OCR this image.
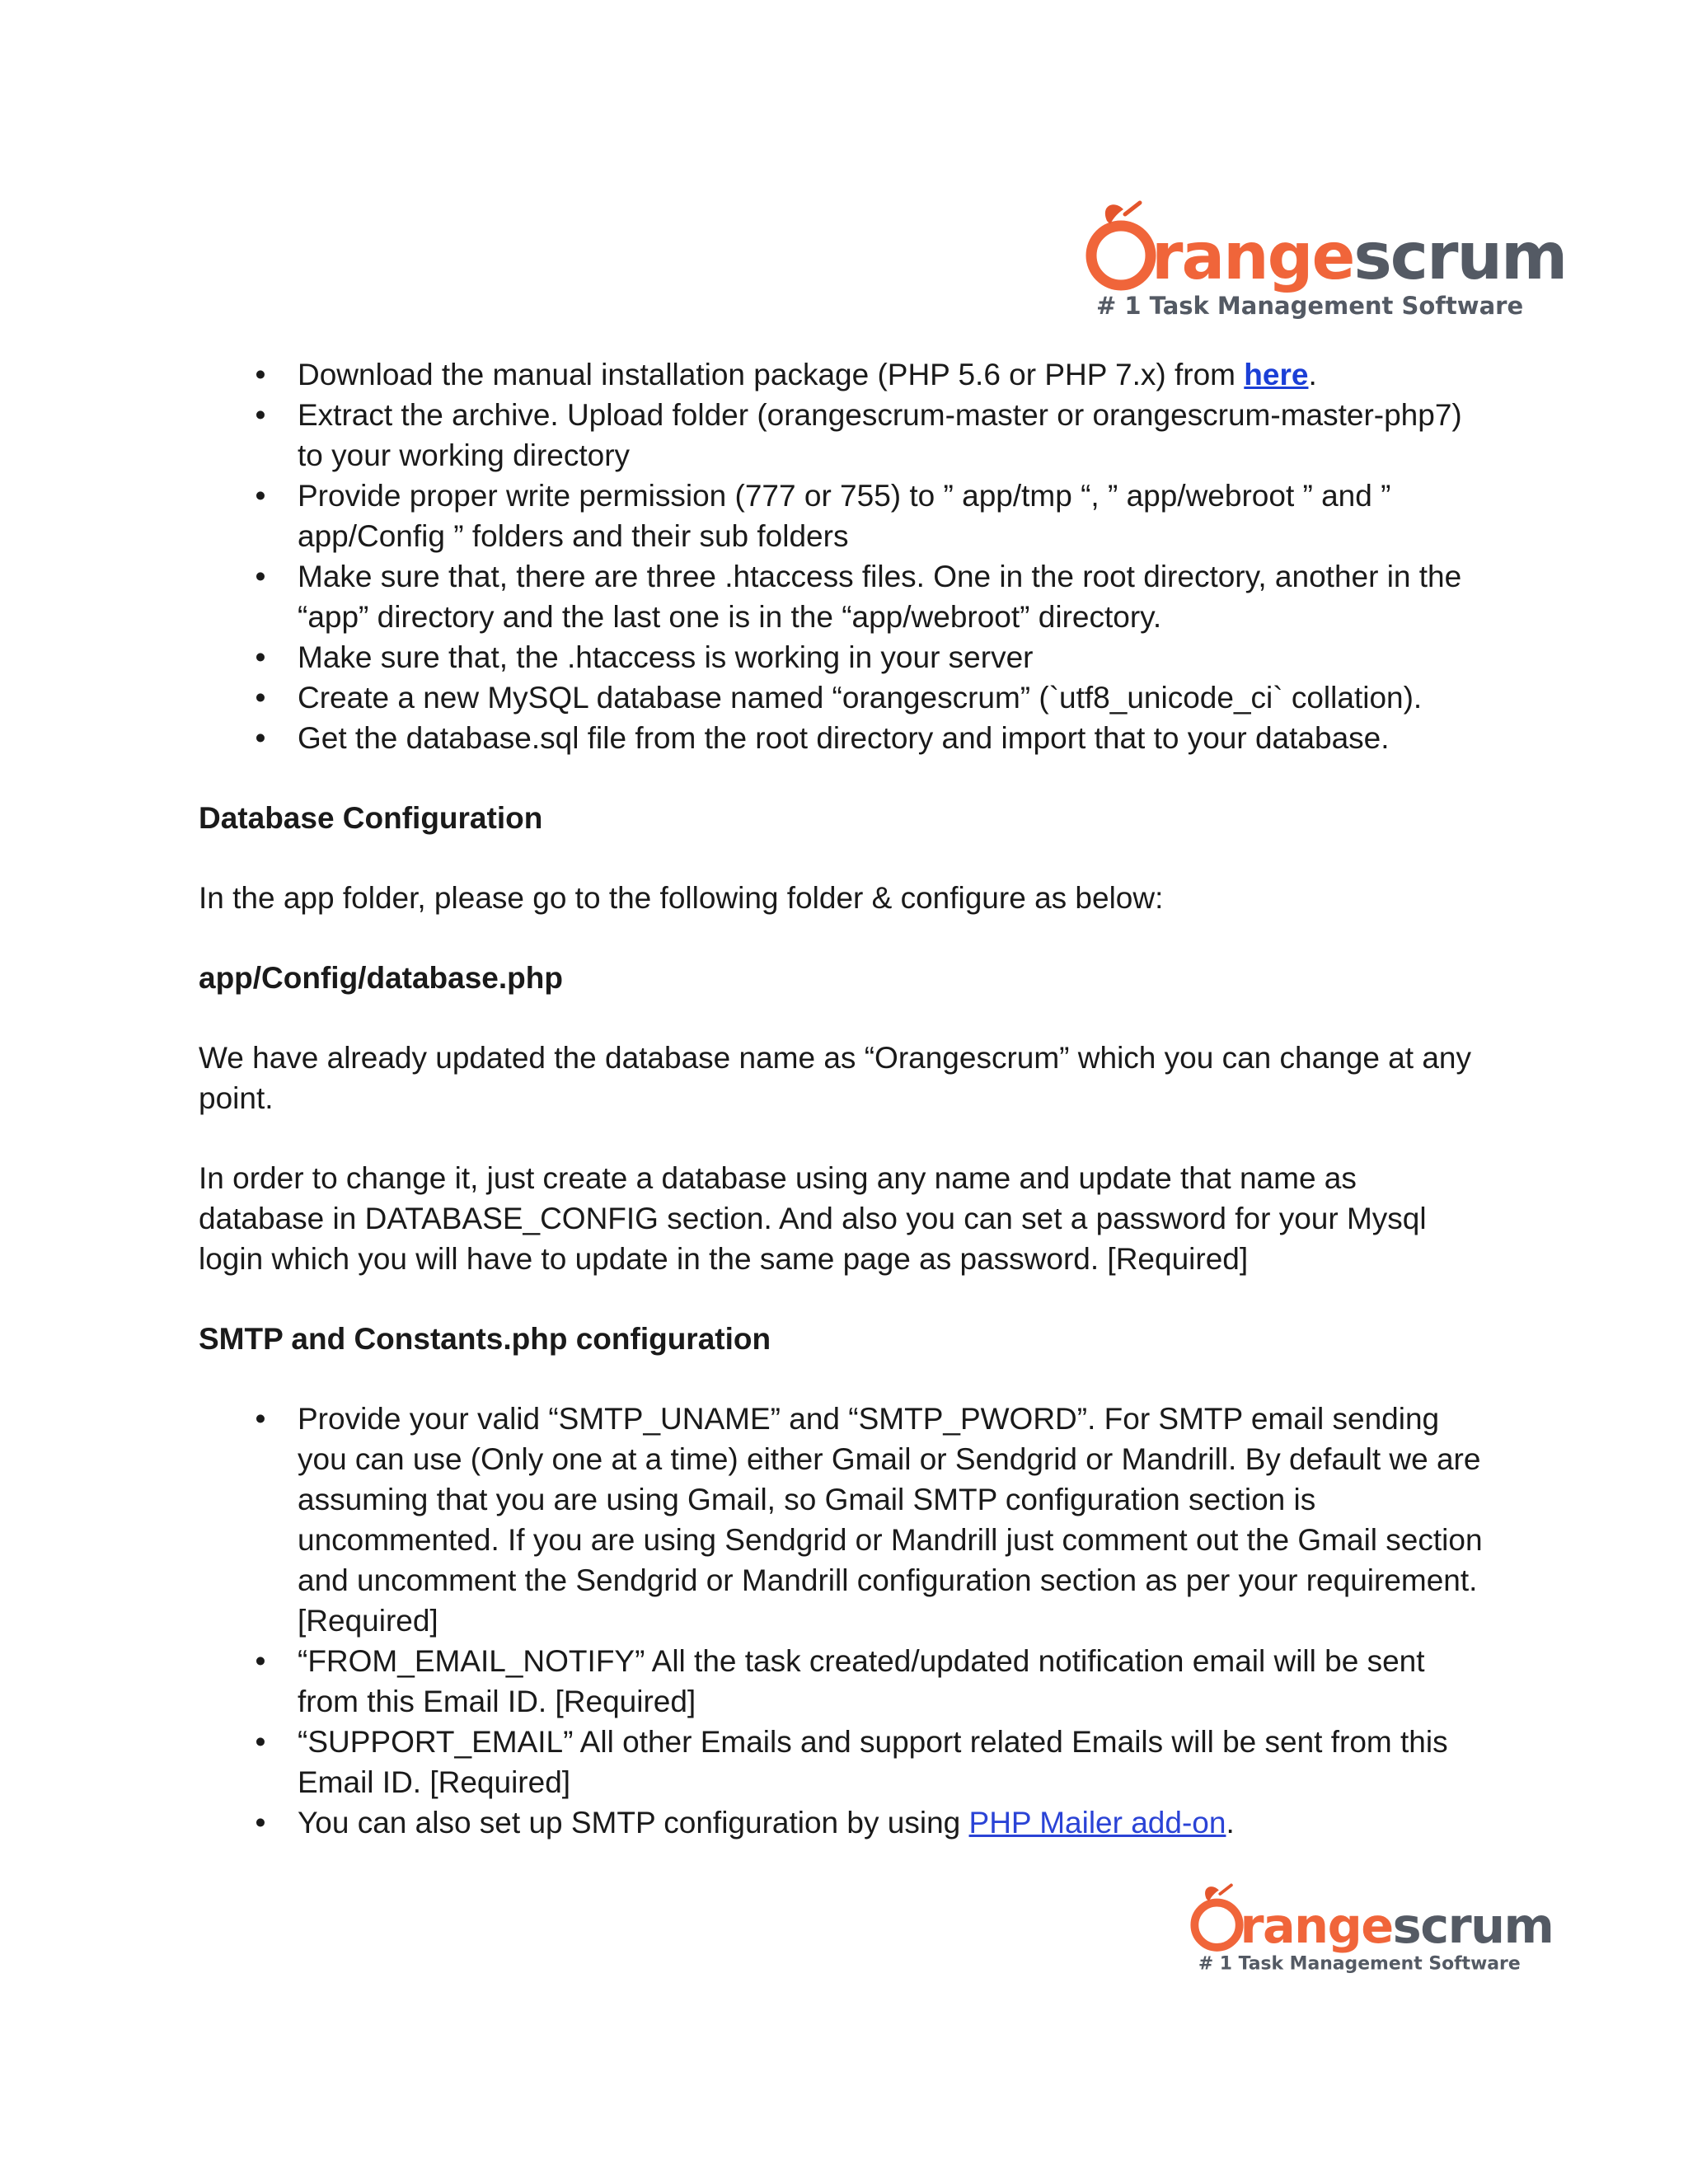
rangescrum
# 1 Task Management Software
• Download the manual installation package (PHP 5.6 or PHP 7.x) from here.
• Extract the archive. Upload folder (orangescrum-master or orangescrum-master-php7) to your working directory
• Provide proper write permission (777 or 755) to ” app/tmp “, ” app/webroot ” and ” app/Config ” folders and their sub folders
• Make sure that, there are three .htaccess files. One in the root directory, another in the “app” directory and the last one is in the “app/webroot” directory.
• Make sure that, the .htaccess is working in your server
• Create a new MySQL database named “orangescrum” (`utf8_unicode_ci` collation).
• Get the database.sql file from the root directory and import that to your database.

Database Configuration

In the app folder, please go to the following folder & configure as below:

app/Config/database.php

We have already updated the database name as “Orangescrum” which you can change at any point.

In order to change it, just create a database using any name and update that name as database in DATABASE_CONFIG section. And also you can set a password for your Mysql login which you will have to update in the same page as password. [Required]

SMTP and Constants.php configuration

• Provide your valid “SMTP_UNAME” and “SMTP_PWORD”. For SMTP email sending you can use (Only one at a time) either Gmail or Sendgrid or Mandrill. By default we are assuming that you are using Gmail, so Gmail SMTP configuration section is uncommented. If you are using Sendgrid or Mandrill just comment out the Gmail section and uncomment the Sendgrid or Mandrill configuration section as per your requirement. [Required]
• “FROM_EMAIL_NOTIFY” All the task created/updated notification email will be sent from this Email ID. [Required]
• “SUPPORT_EMAIL” All other Emails and support related Emails will be sent from this Email ID. [Required]
• You can also set up SMTP configuration by using PHP Mailer add-on.
rangescrum
# 1 Task Management Software
